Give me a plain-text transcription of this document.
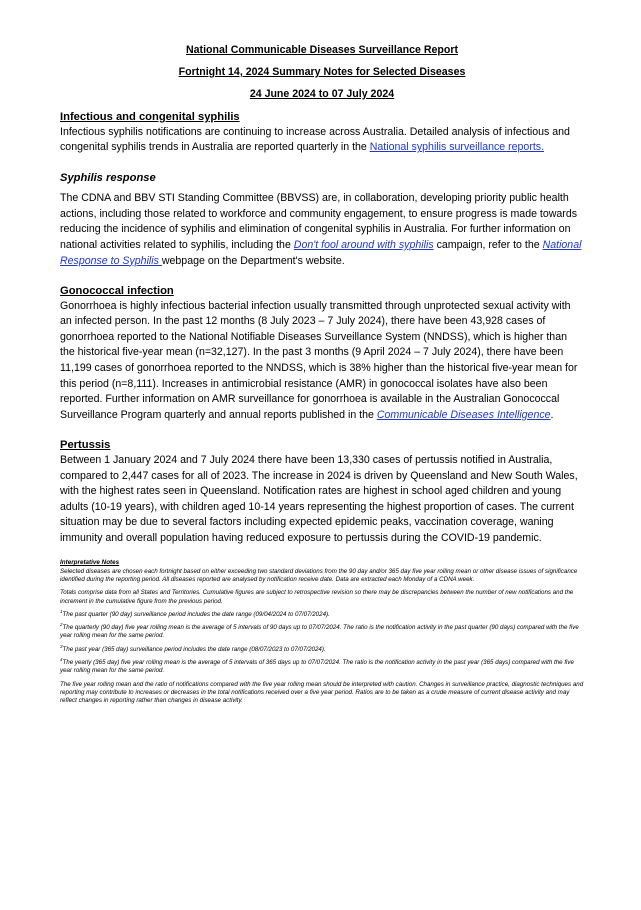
National Communicable Diseases Surveillance Report
Fortnight 14, 2024 Summary Notes for Selected Diseases
24 June 2024 to 07 July 2024
Infectious and congenital syphilis

Infectious syphilis notifications are continuing to increase across Australia. Detailed analysis of infectious and congenital syphilis trends in Australia are reported quarterly in the National syphilis surveillance reports.

Syphilis response

The CDNA and BBV STI Standing Committee (BBVSS) are, in collaboration, developing priority public health actions, including those related to workforce and community engagement, to ensure progress is made towards reducing the incidence of syphilis and elimination of congenital syphilis in Australia. For further information on national activities related to syphilis, including the Don't fool around with syphilis campaign, refer to the National Response to Syphilis webpage on the Department's website.

Gonococcal infection

Gonorrhoea is highly infectious bacterial infection usually transmitted through unprotected sexual activity with an infected person. In the past 12 months (8 July 2023 – 7 July 2024), there have been 43,928 cases of gonorrhoea reported to the National Notifiable Diseases Surveillance System (NNDSS), which is higher than the historical five-year mean (n=32,127). In the past 3 months (9 April 2024 – 7 July 2024), there have been 11,199 cases of gonorrhoea reported to the NNDSS, which is 38% higher than the historical five-year mean for this period (n=8,111). Increases in antimicrobial resistance (AMR) in gonococcal isolates have also been reported. Further information on AMR surveillance for gonorrhoea is available in the Australian Gonococcal Surveillance Program quarterly and annual reports published in the Communicable Diseases Intelligence.

Pertussis

Between 1 January 2024 and 7 July 2024 there have been 13,330 cases of pertussis notified in Australia, compared to 2,447 cases for all of 2023. The increase in 2024 is driven by Queensland and New South Wales, with the highest rates seen in Queensland. Notification rates are highest in school aged children and young adults (10-19 years), with children aged 10-14 years representing the highest proportion of cases. The current situation may be due to several factors including expected epidemic peaks, vaccination coverage, waning immunity and overall population having reduced exposure to pertussis during the COVID-19 pandemic.

Interpretative Notes

Selected diseases are chosen each fortnight based on either exceeding two standard deviations from the 90 day and/or 365 day five year rolling mean or other disease issues of significance identified during the reporting period. All diseases reported are analysed by notification receive date. Data are extracted each Monday of a CDNA week.

Totals comprise data from all States and Territories. Cumulative figures are subject to retrospective revision so there may be discrepancies between the number of new notifications and the increment in the cumulative figure from the previous period.

$^1$The past quarter (90 day) surveillance period includes the date range (09/04/2024 to 07/07/2024).

$^2$The quarterly (90 day) five year rolling mean is the average of 5 intervals of 90 days up to 07/07/2024. The ratio is the notification activity in the past quarter (90 days) compared with the five year rolling mean for the same period.

$^3$The past year (365 day) surveillance period includes the date range (08/07/2023 to 07/07/2024).

$^4$The yearly (365 day) five year rolling mean is the average of 5 intervals of 365 days up to 07/07/2024. The ratio is the notification activity in the past year (365 days) compared with the five year rolling mean for the same period.

The five year rolling mean and the ratio of notifications compared with the five year rolling mean should be interpreted with caution. Changes in surveillance practice, diagnostic techniques and reporting may contribute to increases or decreases in the total notifications received over a five year period. Ratios are to be taken as a crude measure of current disease activity and may reflect changes in reporting rather than changes in disease activity.
